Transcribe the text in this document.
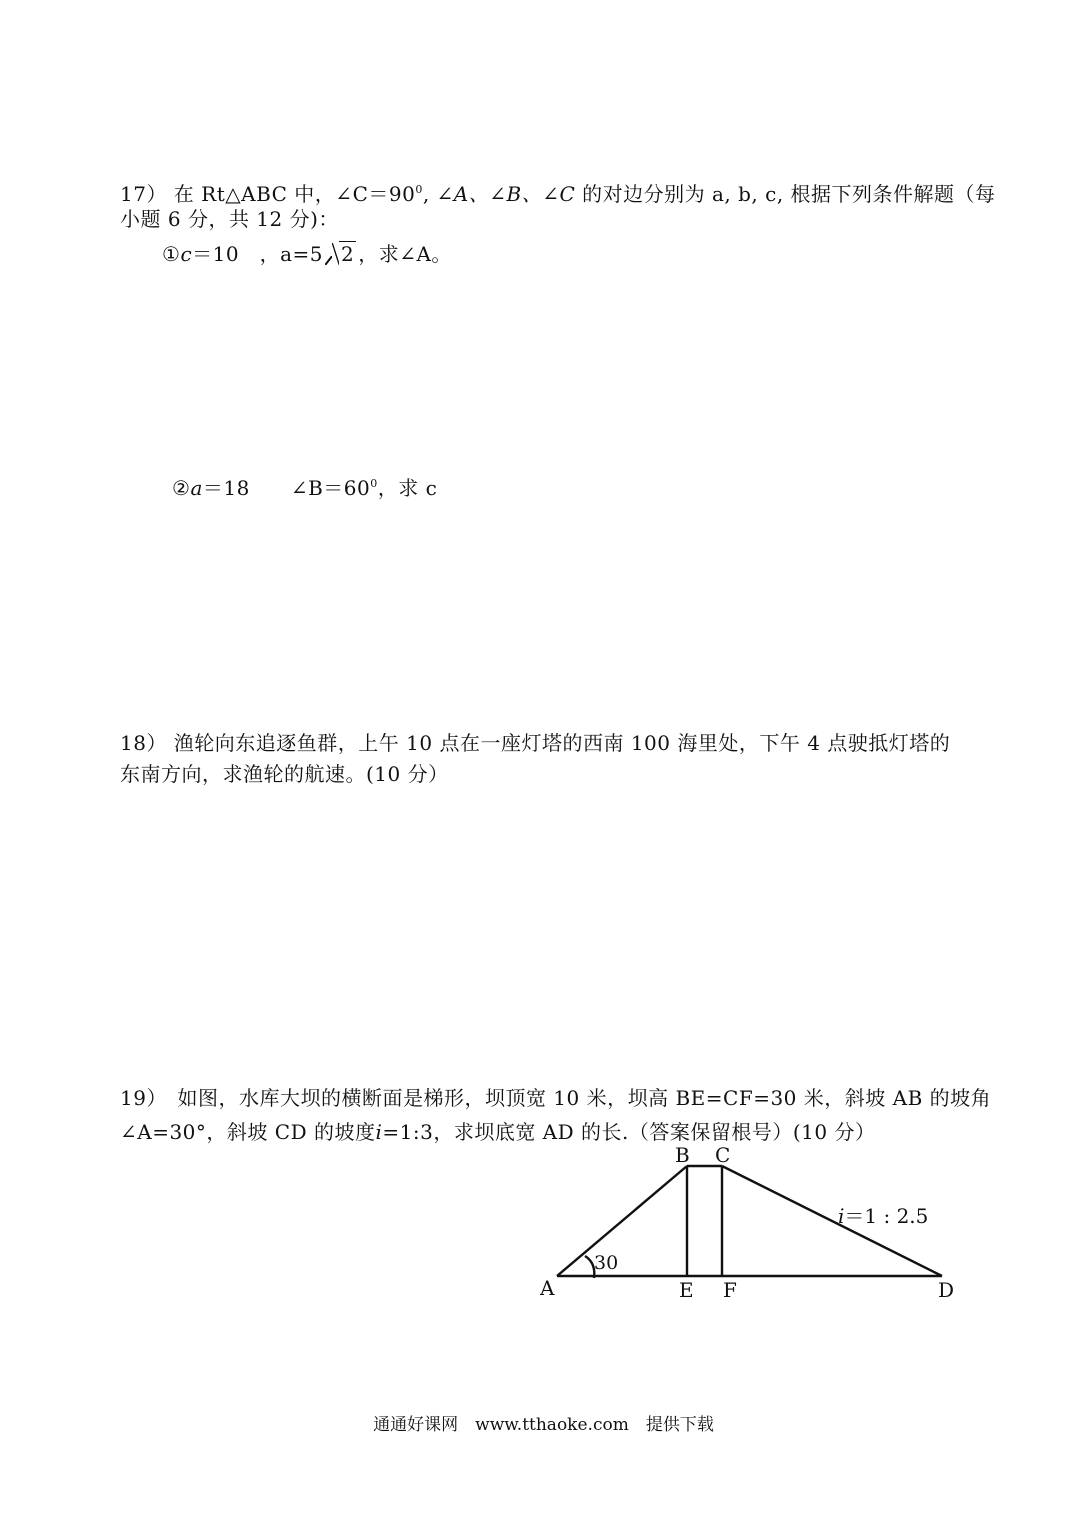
17） 在 Rt△ABC 中，$\angle C=90^0$, ∠A、∠B、∠C 的对边分别为 a, b, c, 根据下列条件解题（每
小题 6 分，共 12 分)：
①c＝10　，a=5 2 ，求∠A。
②a＝18　　$\angle B=60^0$，求 c
18） 渔轮向东追逐鱼群，上午 10 点在一座灯塔的西南 100 海里处，下午 4 点驶抵灯塔的
东南方向，求渔轮的航速。(10 分）
19）　如图，水库大坝的横断面是梯形，坝顶宽 10 米，坝高 BE=CF=30 米，斜坡 AB 的坡角
∠A=30°，斜坡 CD 的坡度i=1:3，求坝底宽 AD 的长.（答案保留根号）(10 分）
A
B C
D
E F
30
i＝1 : 2.5
通通好课网　www.tthaoke.com　提供下载
